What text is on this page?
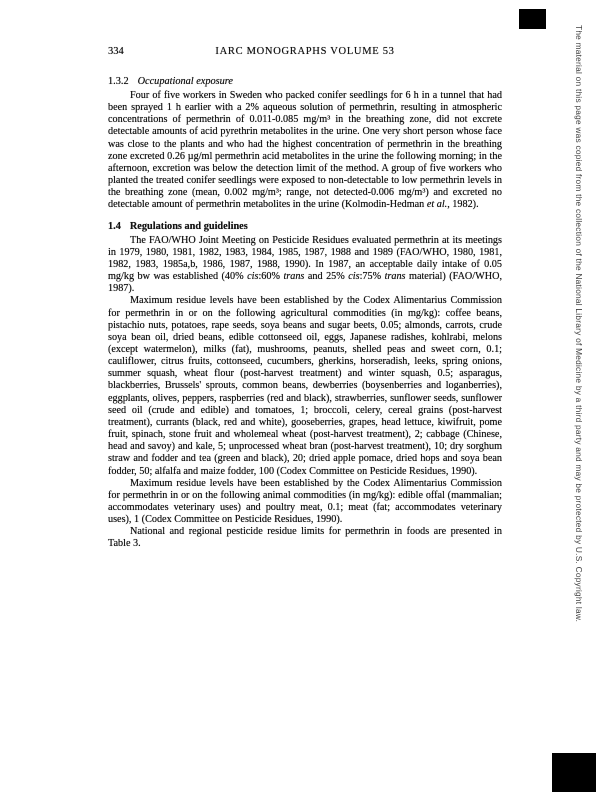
334	IARC MONOGRAPHS VOLUME 53
1.3.2 Occupational exposure

Four of five workers in Sweden who packed conifer seedlings for 6 h in a tunnel that had been sprayed 1 h earlier with a 2% aqueous solution of permethrin, resulting in atmospheric concentrations of permethrin of 0.011-0.085 mg/m³ in the breathing zone, did not excrete detectable amounts of acid pyrethrin metabolites in the urine. One very short person whose face was close to the plants and who had the highest concentration of permethrin in the breathing zone excreted 0.26 µg/ml permethrin acid metabolites in the urine the following morning; in the afternoon, excretion was below the detection limit of the method. A group of five workers who planted the treated conifer seedlings were exposed to non-detectable to low permethrin levels in the breathing zone (mean, 0.002 mg/m³; range, not detected-0.006 mg/m³) and excreted no detectable amount of permethrin metabolites in the urine (Kolmodin-Hedman et al., 1982).

1.4 Regulations and guidelines

The FAO/WHO Joint Meeting on Pesticide Residues evaluated permethrin at its meetings in 1979, 1980, 1981, 1982, 1983, 1984, 1985, 1987, 1988 and 1989 (FAO/WHO, 1980, 1981, 1982, 1983, 1985a,b, 1986, 1987, 1988, 1990). In 1987, an acceptable daily intake of 0.05 mg/kg bw was established (40% cis:60% trans and 25% cis:75% trans material) (FAO/WHO, 1987).

Maximum residue levels have been established by the Codex Alimentarius Commission for permethrin in or on the following agricultural commodities (in mg/kg): coffee beans, pistachio nuts, potatoes, rape seeds, soya beans and sugar beets, 0.05; almonds, carrots, crude soya bean oil, dried beans, edible cottonseed oil, eggs, Japanese radishes, kohlrabi, melons (except watermelon), milks (fat), mushrooms, peanuts, shelled peas and sweet corn, 0.1; cauliflower, citrus fruits, cottonseed, cucumbers, gherkins, horseradish, leeks, spring onions, summer squash, wheat flour (post-harvest treatment) and winter squash, 0.5; asparagus, blackberries, Brussels' sprouts, common beans, dewberries (boysenberries and loganberries), eggplants, olives, peppers, raspberries (red and black), strawberries, sunflower seeds, sunflower seed oil (crude and edible) and tomatoes, 1; broccoli, celery, cereal grains (post-harvest treatment), currants (black, red and white), gooseberries, grapes, head lettuce, kiwifruit, pome fruit, spinach, stone fruit and wholemeal wheat (post-harvest treatment), 2; cabbage (Chinese, head and savoy) and kale, 5; unprocessed wheat bran (post-harvest treatment), 10; dry sorghum straw and fodder and tea (green and black), 20; dried apple pomace, dried hops and soya bean fodder, 50; alfalfa and maize fodder, 100 (Codex Committee on Pesticide Residues, 1990).

Maximum residue levels have been established by the Codex Alimentarius Commission for permethrin in or on the following animal commodities (in mg/kg): edible offal (mammalian; accommodates veterinary uses) and poultry meat, 0.1; meat (fat; accommodates veterinary uses), 1 (Codex Committee on Pesticide Residues, 1990).

National and regional pesticide residue limits for permethrin in foods are presented in Table 3.	The material on this page was copied from the collection of the National Library of Medicine by a third party and may be protected by U.S. Copyright law.
